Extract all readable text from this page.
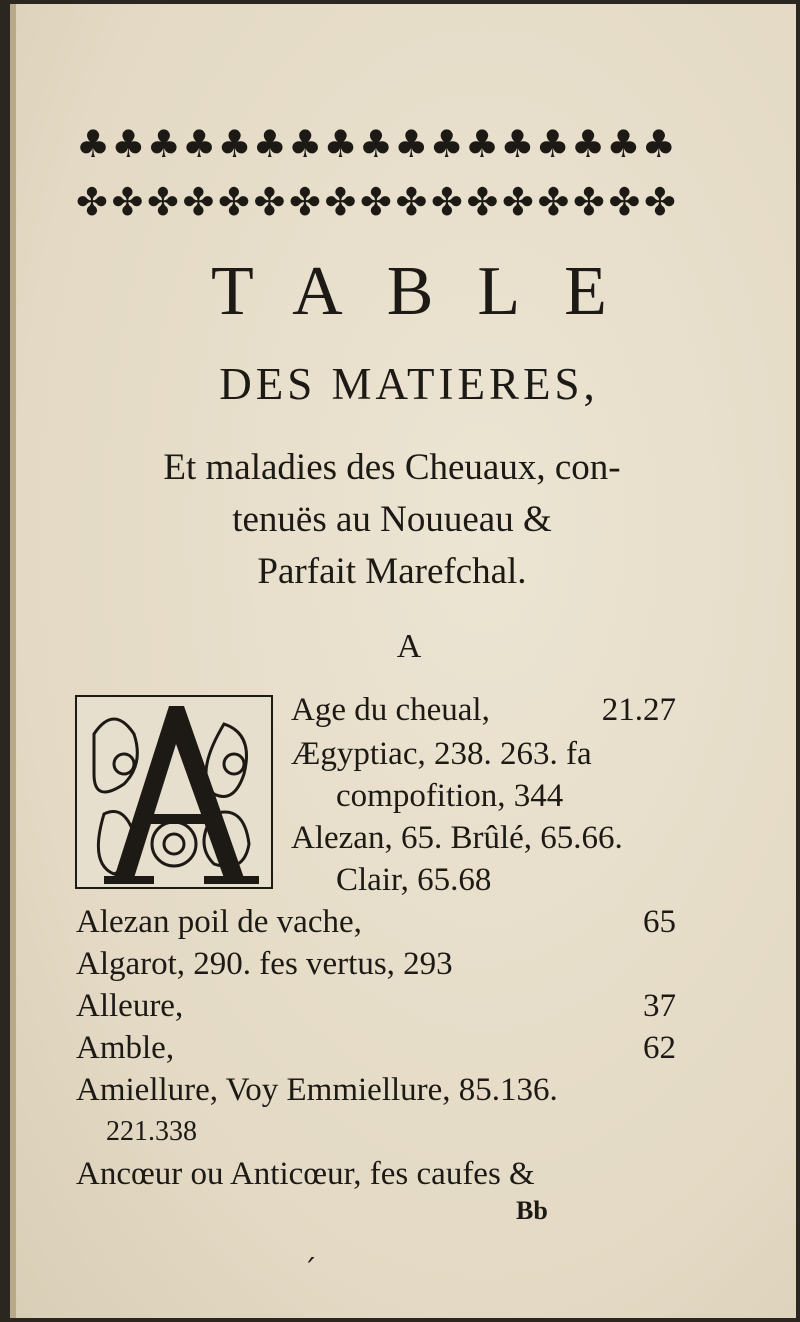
♣ ♣ ♣ ♣ ♣ ♣ ♣ ♣ ♣ ♣ ♣ ♣ ♣ ♣ ♣ ♣ ♣
✤ ✤ ✤ ✤ ✤ ✤ ✤ ✤ ✤ ✤ ✤ ✤ ✤ ✤ ✤ ✤ ✤
TABLE
DES MATIERES,
Et maladies des Cheuaux, con-
tenuës au Nouueau &
Parfait Marefchal.
A
Age du cheual,	21.27
Ægyptiac, 238. 263. fa
compofition, 344
Alezan, 65. Brûlé, 65.66.
Clair, 65.68
Alezan poil de vache,	65
Algarot, 290. fes vertus, 293
Alleure,	37
Amble,	62
Amiellure, Voy Emmiellure, 85.136.
221.338
Ancœur ou Anticœur, fes caufes &
Bb
ˊ
